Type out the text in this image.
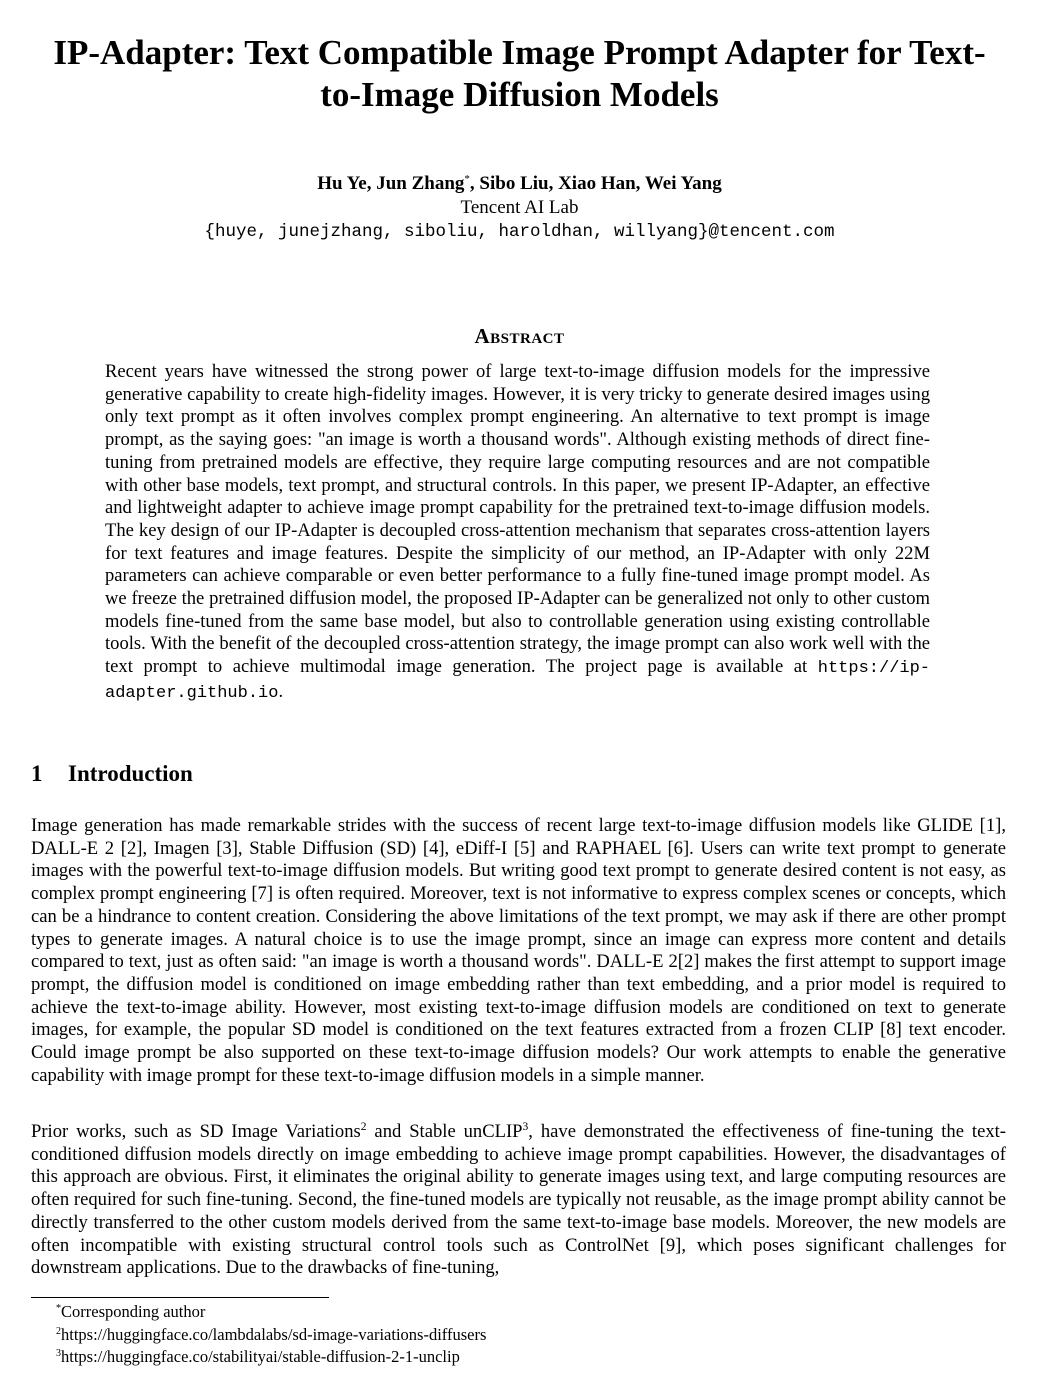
IP-Adapter: Text Compatible Image Prompt Adapter for Text-to-Image Diffusion Models
Hu Ye, Jun Zhang*, Sibo Liu, Xiao Han, Wei Yang
Tencent AI Lab
{huye, junejzhang, siboliu, haroldhan, willyang}@tencent.com
Abstract

Recent years have witnessed the strong power of large text-to-image diffusion models for the impressive generative capability to create high-fidelity images. However, it is very tricky to generate desired images using only text prompt as it often involves complex prompt engineering. An alternative to text prompt is image prompt, as the saying goes: "an image is worth a thousand words". Although existing methods of direct fine-tuning from pretrained models are effective, they require large computing resources and are not compatible with other base models, text prompt, and structural controls. In this paper, we present IP-Adapter, an effective and lightweight adapter to achieve image prompt capability for the pretrained text-to-image diffusion models. The key design of our IP-Adapter is decoupled cross-attention mechanism that separates cross-attention layers for text features and image features. Despite the simplicity of our method, an IP-Adapter with only 22M parameters can achieve comparable or even better performance to a fully fine-tuned image prompt model. As we freeze the pretrained diffusion model, the proposed IP-Adapter can be generalized not only to other custom models fine-tuned from the same base model, but also to controllable generation using existing controllable tools. With the benefit of the decoupled cross-attention strategy, the image prompt can also work well with the text prompt to achieve multimodal image generation. The project page is available at https://ip-adapter.github.io.

1 Introduction

Image generation has made remarkable strides with the success of recent large text-to-image diffusion models like GLIDE [1], DALL-E 2 [2], Imagen [3], Stable Diffusion (SD) [4], eDiff-I [5] and RAPHAEL [6]. Users can write text prompt to generate images with the powerful text-to-image diffusion models. But writing good text prompt to generate desired content is not easy, as complex prompt engineering [7] is often required. Moreover, text is not informative to express complex scenes or concepts, which can be a hindrance to content creation. Considering the above limitations of the text prompt, we may ask if there are other prompt types to generate images. A natural choice is to use the image prompt, since an image can express more content and details compared to text, just as often said: "an image is worth a thousand words". DALL-E 2[2] makes the first attempt to support image prompt, the diffusion model is conditioned on image embedding rather than text embedding, and a prior model is required to achieve the text-to-image ability. However, most existing text-to-image diffusion models are conditioned on text to generate images, for example, the popular SD model is conditioned on the text features extracted from a frozen CLIP [8] text encoder. Could image prompt be also supported on these text-to-image diffusion models? Our work attempts to enable the generative capability with image prompt for these text-to-image diffusion models in a simple manner.

Prior works, such as SD Image Variations$^2$ and Stable unCLIP$^3$, have demonstrated the effectiveness of fine-tuning the text-conditioned diffusion models directly on image embedding to achieve image prompt capabilities. However, the disadvantages of this approach are obvious. First, it eliminates the original ability to generate images using text, and large computing resources are often required for such fine-tuning. Second, the fine-tuned models are typically not reusable, as the image prompt ability cannot be directly transferred to the other custom models derived from the same text-to-image base models. Moreover, the new models are often incompatible with existing structural control tools such as ControlNet [9], which poses significant challenges for downstream applications. Due to the drawbacks of fine-tuning,

*Corresponding author
$^2$https://huggingface.co/lambdalabs/sd-image-variations-diffusers
$^3$https://huggingface.co/stabilityai/stable-diffusion-2-1-unclip
